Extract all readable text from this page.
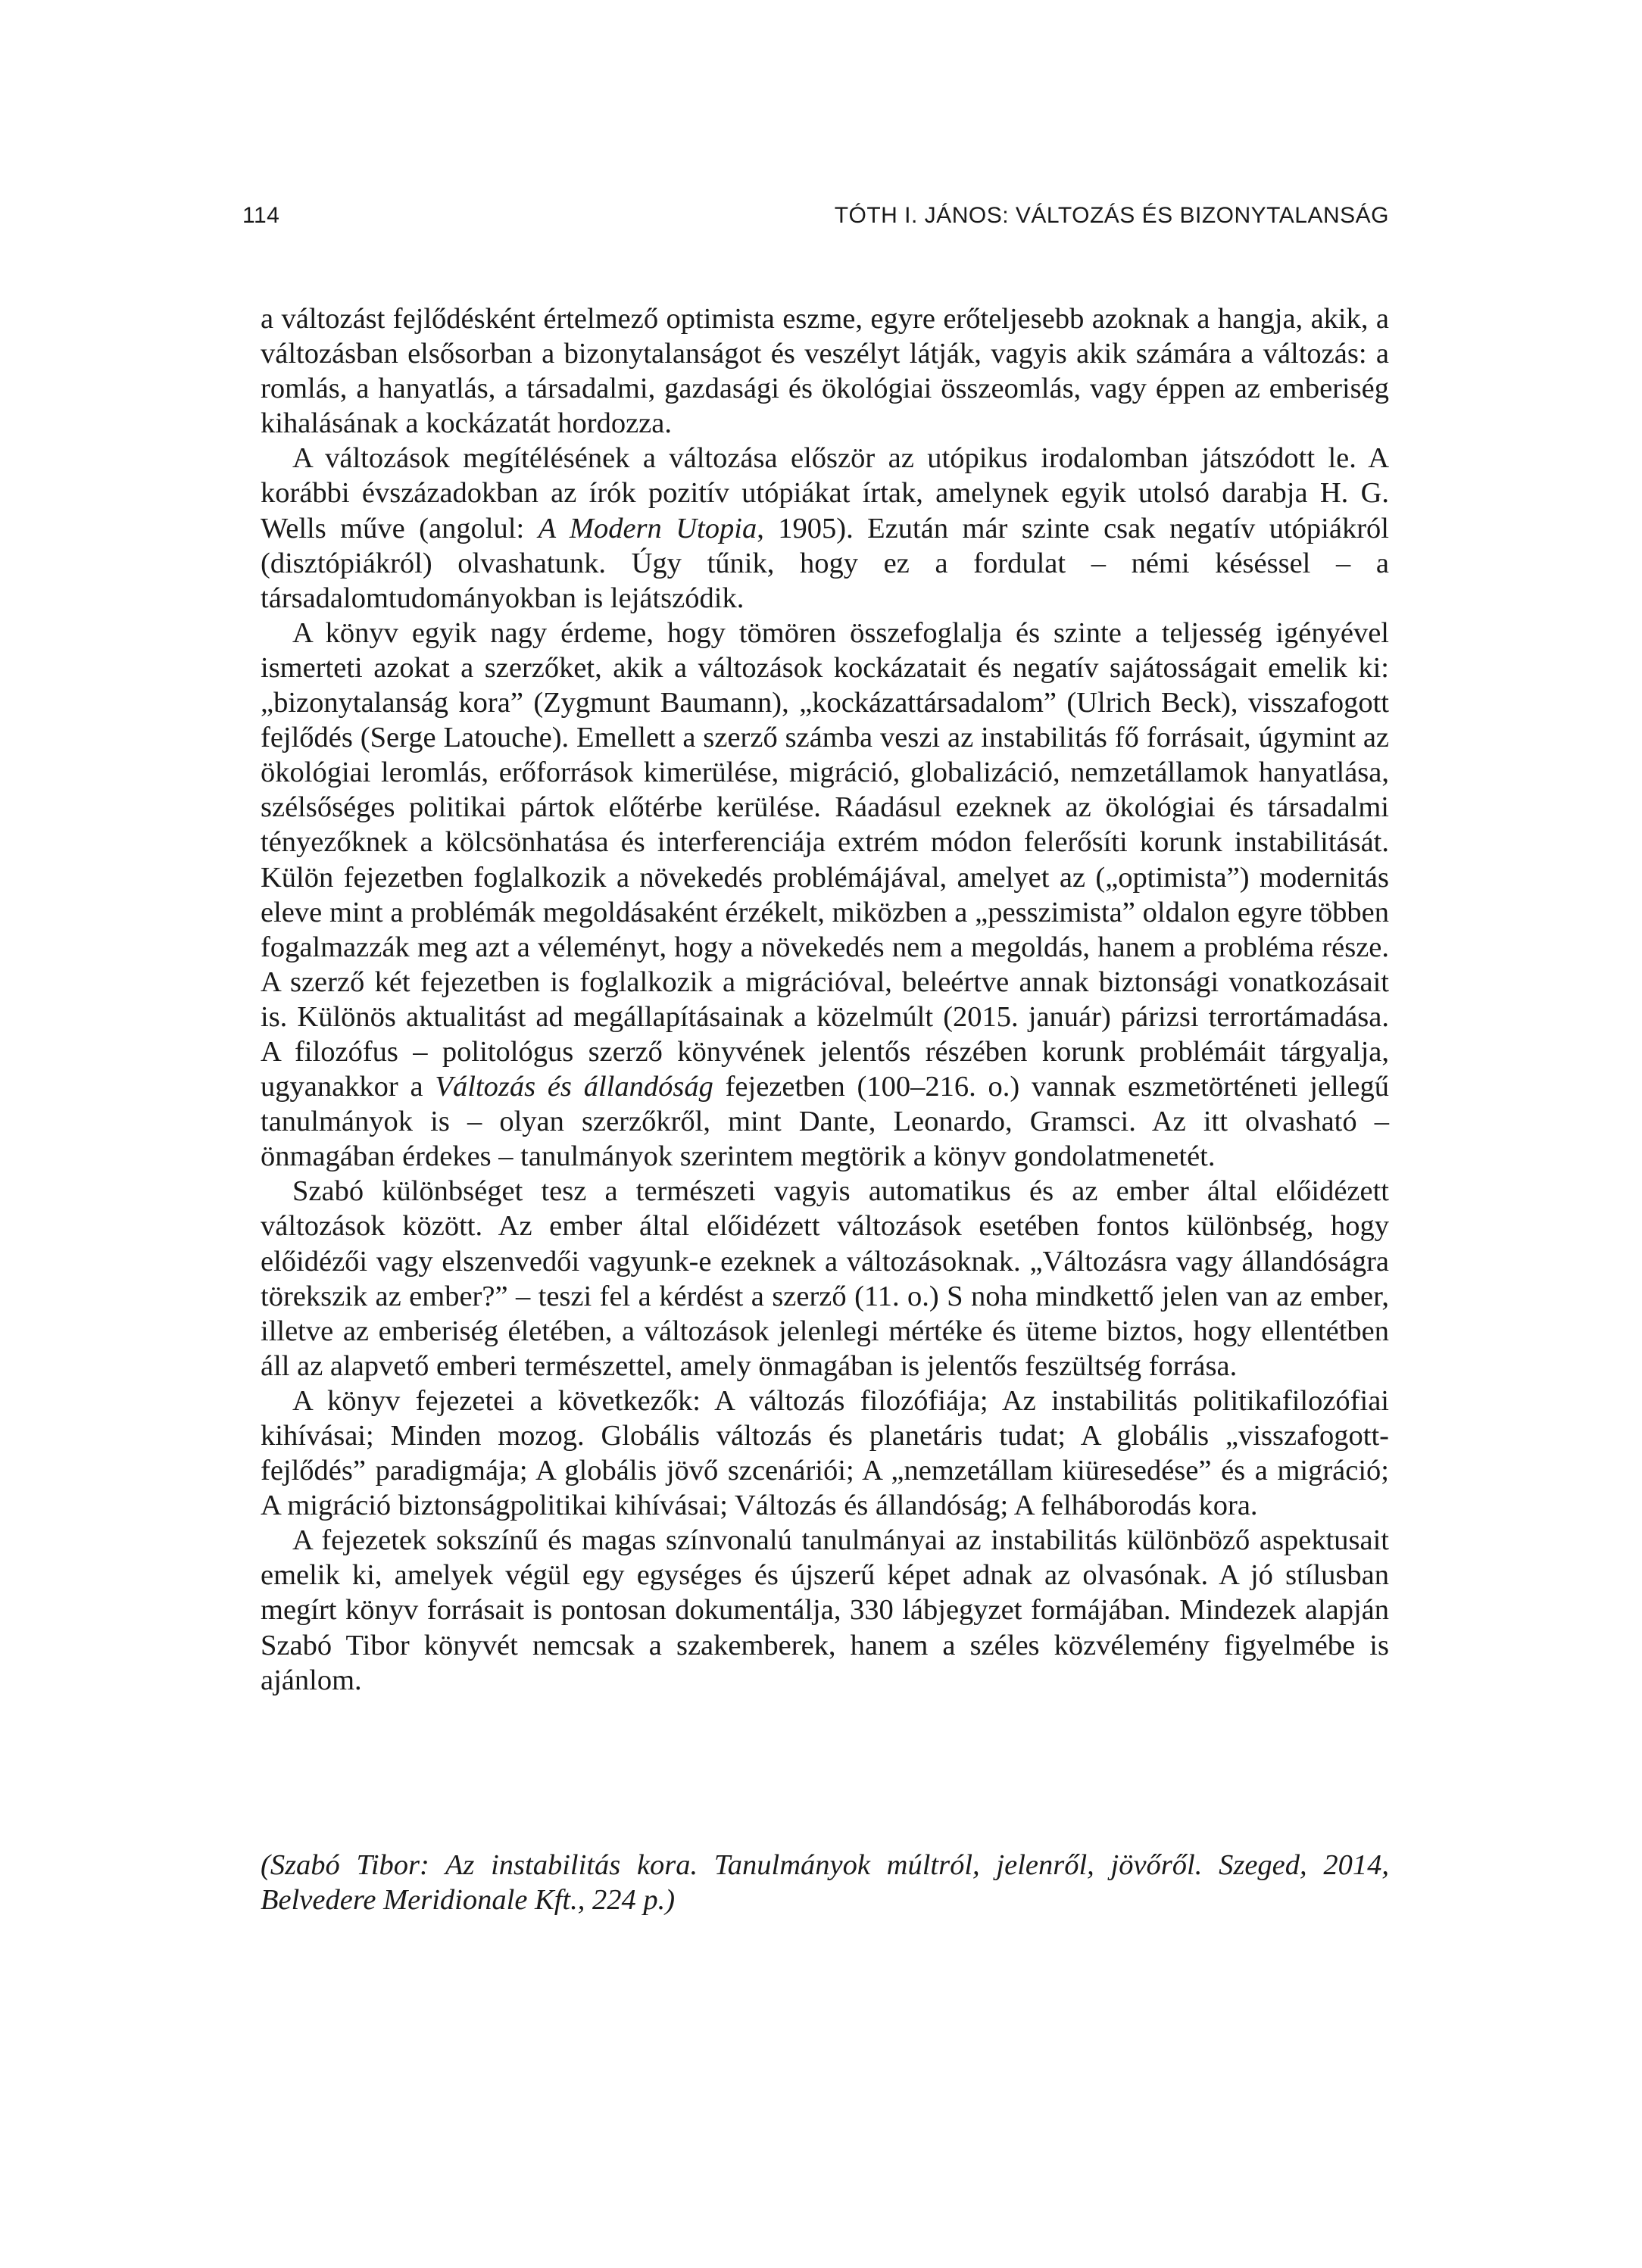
114	TÓTH I. JÁNOS: VÁLTOZÁS ÉS BIZONYTALANSÁG

a változást fejlődésként értelmező optimista eszme, egyre erőteljesebb azoknak a hangja, akik, a változásban elsősorban a bizonytalanságot és veszélyt látják, vagyis akik számára a változás: a romlás, a hanyatlás, a társadalmi, gazdasági és ökológiai összeomlás, vagy éppen az emberiség kihalásának a kockázatát hordozza.

A változások megítélésének a változása először az utópikus irodalomban játszódott le. A korábbi évszázadokban az írók pozitív utópiákat írtak, amelynek egyik utolsó darabja H. G. Wells műve (angolul: A Modern Utopia, 1905). Ezután már szinte csak negatív utópiákról (disztópiákról) olvashatunk. Úgy tűnik, hogy ez a fordulat – némi késéssel – a társadalomtudományokban is lejátszódik.

A könyv egyik nagy érdeme, hogy tömören összefoglalja és szinte a teljesség igényével ismerteti azokat a szerzőket, akik a változások kockázatait és negatív sajátosságait emelik ki: „bizonytalanság kora” (Zygmunt Baumann), „kockázattársadalom” (Ulrich Beck), visszafogott fejlődés (Serge Latouche). Emellett a szerző számba veszi az instabilitás fő forrásait, úgymint az ökológiai leromlás, erőforrások kimerülése, migráció, globalizáció, nemzetállamok hanyatlása, szélsőséges politikai pártok előtérbe kerülése. Ráadásul ezeknek az ökológiai és társadalmi tényezőknek a kölcsönhatása és interferenciája extrém módon felerősíti korunk instabilitását. Külön fejezetben foglalkozik a növekedés problémájával, amelyet az („optimista”) modernitás eleve mint a problémák megoldásaként érzékelt, miközben a „pesszimista” oldalon egyre többen fogalmazzák meg azt a véleményt, hogy a növekedés nem a megoldás, hanem a probléma része. A szerző két fejezetben is foglalkozik a migrációval, beleértve annak biztonsági vonatkozásait is. Különös aktualitást ad megállapításainak a közelmúlt (2015. január) párizsi terrortámadása. A filozófus – politológus szerző könyvének jelentős részében korunk problémáit tárgyalja, ugyanakkor a Változás és állandóság fejezetben (100–216. o.) vannak eszmetörténeti jellegű tanulmányok is – olyan szerzőkről, mint Dante, Leonardo, Gramsci. Az itt olvasható – önmagában érdekes – tanulmányok szerintem megtörik a könyv gondolatmenetét.

Szabó különbséget tesz a természeti vagyis automatikus és az ember által előidézett változások között. Az ember által előidézett változások esetében fontos különbség, hogy előidézői vagy elszenvedői vagyunk-e ezeknek a változásoknak. „Változásra vagy állandóságra törekszik az ember?” – teszi fel a kérdést a szerző (11. o.) S noha mindkettő jelen van az ember, illetve az emberiség életében, a változások jelenlegi mértéke és üteme biztos, hogy ellentétben áll az alapvető emberi természettel, amely önmagában is jelentős feszültség forrása.

A könyv fejezetei a következők: A változás filozófiája; Az instabilitás politikafilozófiai kihívásai; Minden mozog. Globális változás és planetáris tudat; A globális „visszafogott-fejlődés” paradigmája; A globális jövő szcenáriói; A „nemzetállam kiüresedése” és a migráció; A migráció biztonságpolitikai kihívásai; Változás és állandóság; A felháborodás kora.

A fejezetek sokszínű és magas színvonalú tanulmányai az instabilitás különböző aspektusait emelik ki, amelyek végül egy egységes és újszerű képet adnak az olvasónak. A jó stílusban megírt könyv forrásait is pontosan dokumentálja, 330 lábjegyzet formájában. Mindezek alapján Szabó Tibor könyvét nemcsak a szakemberek, hanem a széles közvélemény figyelmébe is ajánlom.

(Szabó Tibor: Az instabilitás kora. Tanulmányok múltról, jelenről, jövőről. Szeged, 2014, Belvedere Meridionale Kft., 224 p.)
